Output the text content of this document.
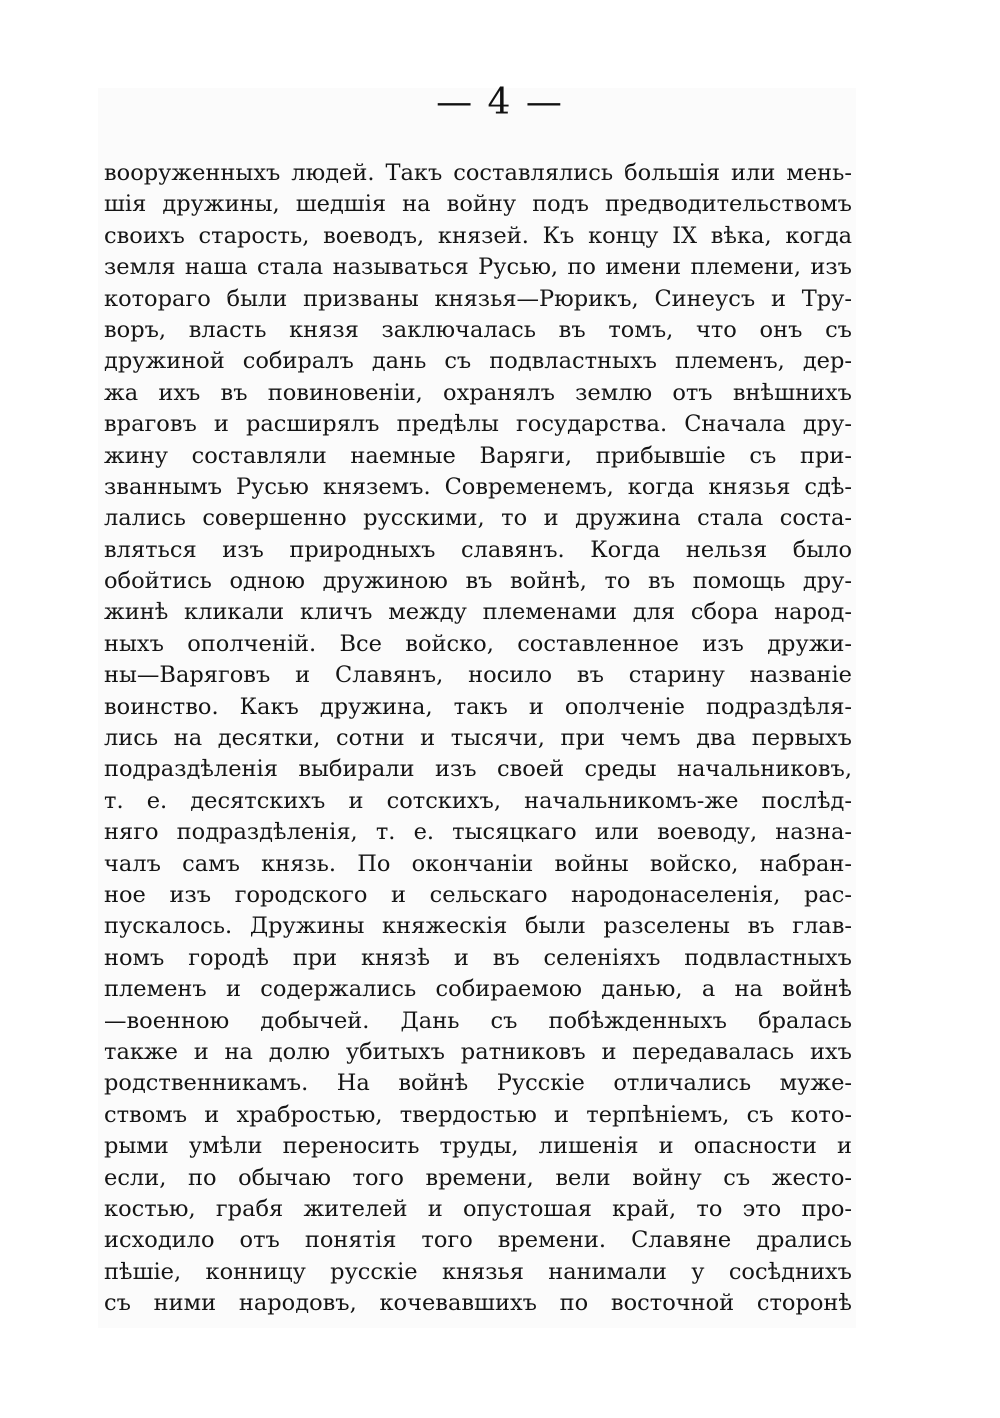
— 4 —
вооруженныхъ людей. Такъ составлялись большiя или мень-
шiя дружины, шедшiя на войну подъ предводительствомъ
своихъ старость, воеводъ, князей. Къ концу IX вѣка, когда
земля наша стала называться Русью, по имени племени, изъ
котораго были призваны князья—Рюрикъ, Синеусъ и Тру-
воръ, власть князя заключалась въ томъ, что онъ съ
дружиной собиралъ дань съ подвластныхъ племенъ, дер-
жа ихъ въ повиновенiи, охранялъ землю отъ внѣшнихъ
враговъ и расширялъ предѣлы государства. Сначала дру-
жину составляли наемные Варяги, прибывшiе съ при-
званнымъ Русью княземъ. Современемъ, когда князья сдѣ-
лались совершенно русскими, то и дружина стала соста-
вляться изъ природныхъ славянъ. Когда нельзя было
обойтись одною дружиною въ войнѣ, то въ помощь дру-
жинѣ кликали кличъ между племенами для сбора народ-
ныхъ ополченiй. Все войско, составленное изъ дружи-
ны—Варяговъ и Славянъ, носило въ старину названiе
воинство. Какъ дружина, такъ и ополченiе подраздѣля-
лись на десятки, сотни и тысячи, при чемъ два первыхъ
подраздѣленiя выбирали изъ своей среды начальниковъ,
т. е. десятскихъ и сотскихъ, начальникомъ-же послѣд-
няго подраздѣленiя, т. е. тысяцкаго или воеводу, назна-
чалъ самъ князь. По окончанiи войны войско, набран-
ное изъ городского и сельскаго народонаселенiя, рас-
пускалось. Дружины княжескiя были разселены въ глав-
номъ городѣ при князѣ и въ селенiяхъ подвластныхъ
племенъ и содержались собираемою данью, а на войнѣ
—военною добычей. Дань съ побѣжденныхъ бралась
также и на долю убитыхъ ратниковъ и передавалась ихъ
родственникамъ. На войнѣ Русскiе отличались муже-
ствомъ и храбростью, твердостью и терпѣнiемъ, съ кото-
рыми умѣли переносить труды, лишенiя и опасности и
если, по обычаю того времени, вели войну съ жесто-
костью, грабя жителей и опустошая край, то это про-
исходило отъ понятiя того времени. Славяне дрались
пѣшiе, конницу русскiе князья нанимали у сосѣднихъ
съ ними народовъ, кочевавшихъ по восточной сторонѣ
